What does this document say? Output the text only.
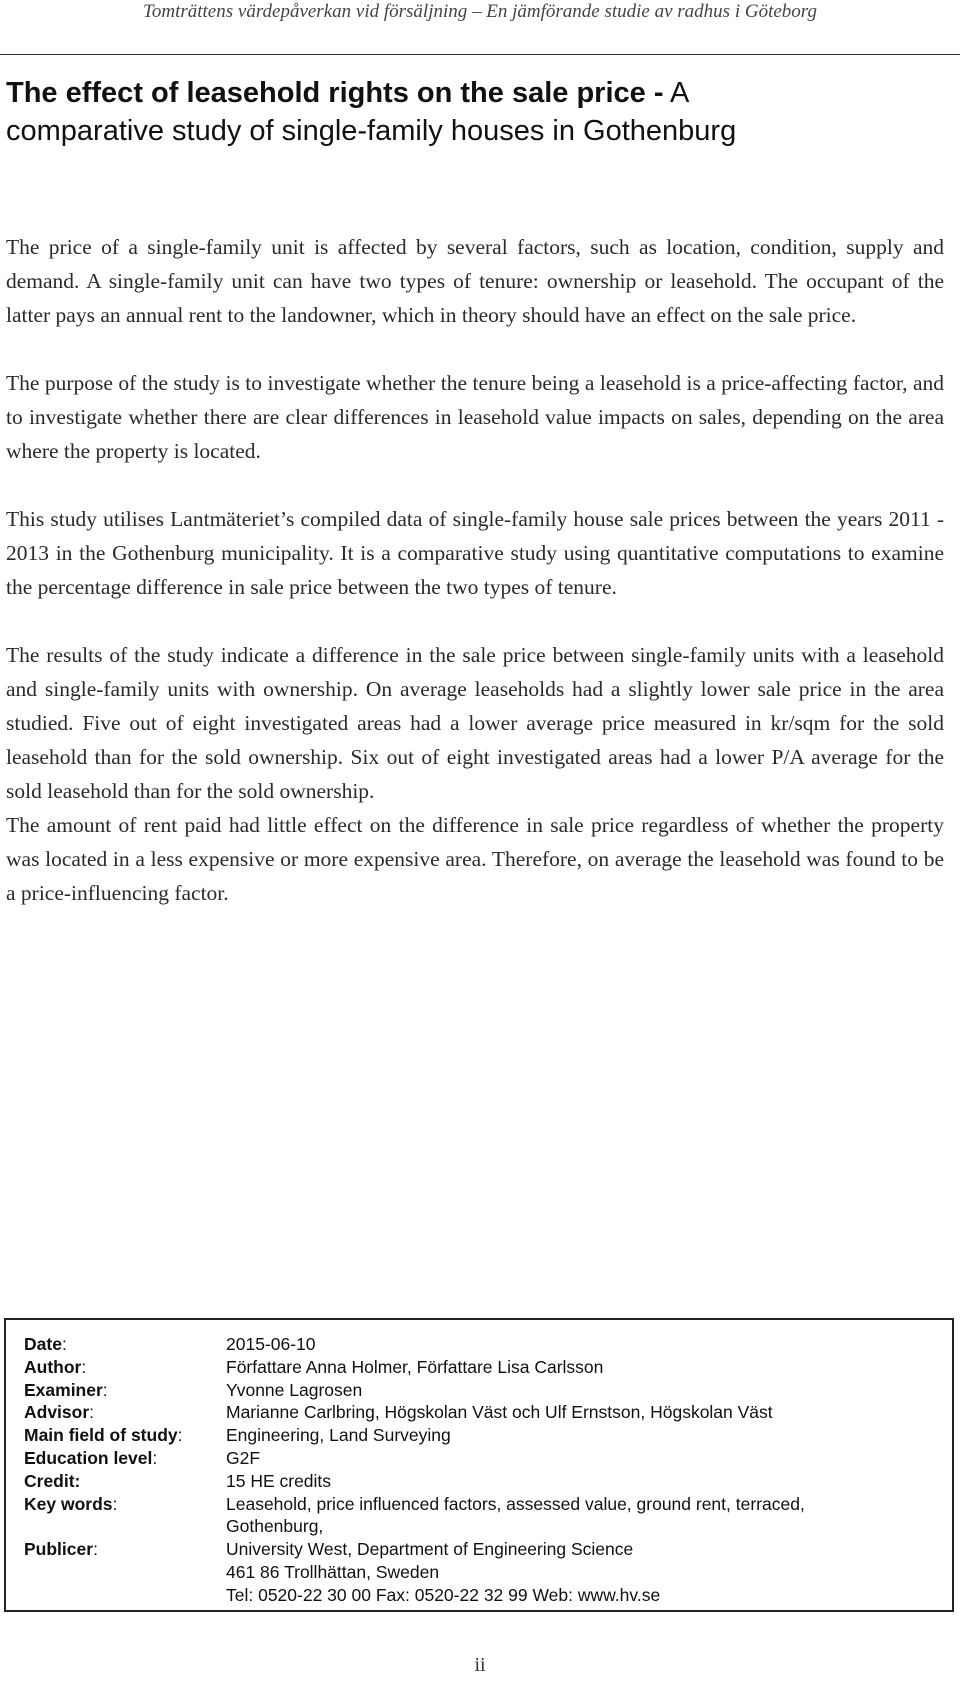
Tomträttens värdepåverkan vid försäljning – En jämförande studie av radhus i Göteborg
The effect of leasehold rights on the sale price - A
comparative study of single-family houses in Gothenburg

The price of a single-family unit is affected by several factors, such as location, condition, supply and demand. A single-family unit can have two types of tenure: ownership or leasehold. The occupant of the latter pays an annual rent to the landowner, which in theory should have an effect on the sale price.

The purpose of the study is to investigate whether the tenure being a leasehold is a price-affecting factor, and to investigate whether there are clear differences in leasehold value impacts on sales, depending on the area where the property is located.

This study utilises Lantmäteriet’s compiled data of single-family house sale prices between the years 2011 - 2013 in the Gothenburg municipality. It is a comparative study using quantitative computations to examine the percentage difference in sale price between the two types of tenure.

The results of the study indicate a difference in the sale price between single-family units with a leasehold and single-family units with ownership. On average leaseholds had a slightly lower sale price in the area studied. Five out of eight investigated areas had a lower average price measured in kr/sqm for the sold leasehold than for the sold ownership. Six out of eight investigated areas had a lower P/A average for the sold leasehold than for the sold ownership.

The amount of rent paid had little effect on the difference in sale price regardless of whether the property was located in a less expensive or more expensive area. Therefore, on average the leasehold was found to be a price-influencing factor.

Date:	2015-06-10
Author:	Författare Anna Holmer, Författare Lisa Carlsson
Examiner:	Yvonne Lagrosen
Advisor:	Marianne Carlbring, Högskolan Väst och Ulf Ernstson, Högskolan Väst
Main field of study:	Engineering, Land Surveying
Education level:	G2F
Credit:	15 HE credits
Key words:	Leasehold, price influenced factors, assessed value, ground rent, terraced,
Gothenburg,
Publicer:	University West, Department of Engineering Science
461 86 Trollhättan, Sweden
Tel: 0520-22 30 00 Fax: 0520-22 32 99 Web: www.hv.se
ii
